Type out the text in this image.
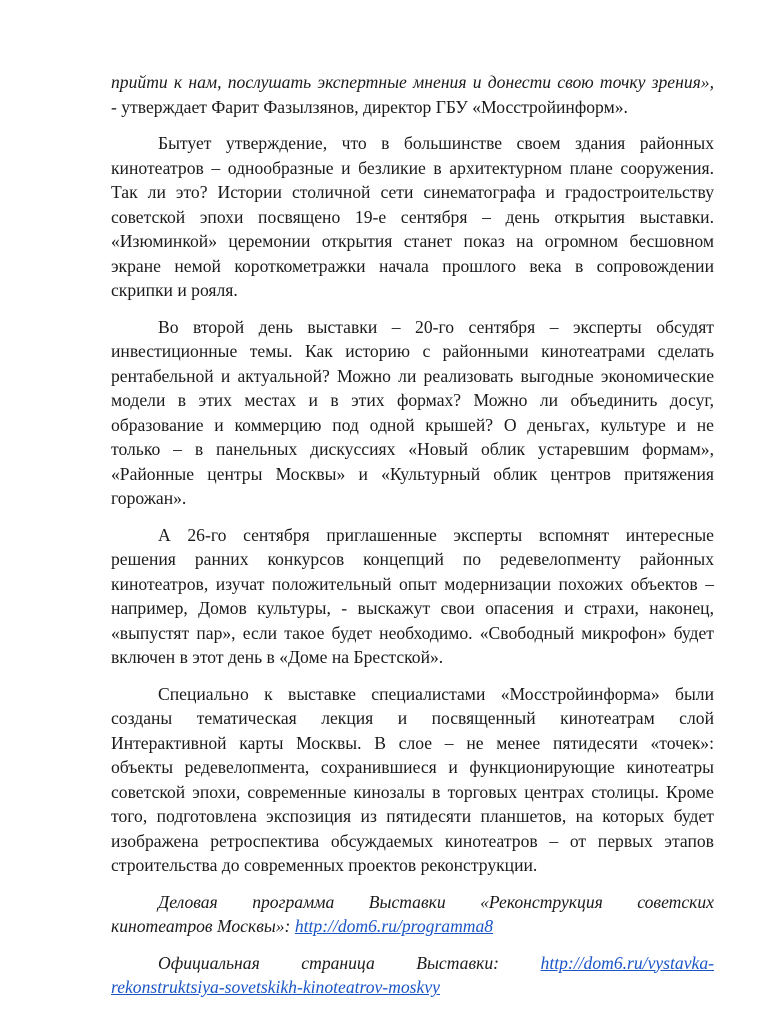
прийти к нам, послушать экспертные мнения и донести свою точку зрения»,
- утверждает Фарит Фазылзянов, директор ГБУ «Мосстройинформ».

Бытует утверждение, что в большинстве своем здания районных
кинотеатров – однообразные и безликие в архитектурном плане сооружения.
Так ли это? Истории столичной сети синематографа и градостроительству
советской эпохи посвящено 19-е сентября – день открытия выставки.
«Изюминкой» церемонии открытия станет показ на огромном бесшовном
экране немой короткометражки начала прошлого века в сопровождении
скрипки и рояля.

Во второй день выставки – 20-го сентября – эксперты обсудят
инвестиционные темы. Как историю с районными кинотеатрами сделать
рентабельной и актуальной? Можно ли реализовать выгодные экономические
модели в этих местах и в этих формах? Можно ли объединить досуг,
образование и коммерцию под одной крышей? О деньгах, культуре и не
только – в панельных дискуссиях «Новый облик устаревшим формам»,
«Районные центры Москвы» и «Культурный облик центров притяжения
горожан».

А 26-го сентября приглашенные эксперты вспомнят интересные
решения ранних конкурсов концепций по редевелопменту районных
кинотеатров, изучат положительный опыт модернизации похожих объектов –
например, Домов культуры, - выскажут свои опасения и страхи, наконец,
«выпустят пар», если такое будет необходимо. «Свободный микрофон» будет
включен в этот день в «Доме на Брестской».

Специально к выставке специалистами «Мосстройинформа» были
созданы тематическая лекция и посвященный кинотеатрам слой
Интерактивной карты Москвы. В слое – не менее пятидесяти «точек»:
объекты редевелопмента, сохранившиеся и функционирующие кинотеатры
советской эпохи, современные кинозалы в торговых центрах столицы. Кроме
того, подготовлена экспозиция из пятидесяти планшетов, на которых будет
изображена ретроспектива обсуждаемых кинотеатров – от первых этапов
строительства до современных проектов реконструкции.

Деловая программа Выставки «Реконструкция советских
кинотеатров Москвы»: http://dom6.ru/programma8

Официальная страница Выставки: http://dom6.ru/vystavka-
rekonstruktsiya-sovetskikh-kinoteatrov-moskvy
